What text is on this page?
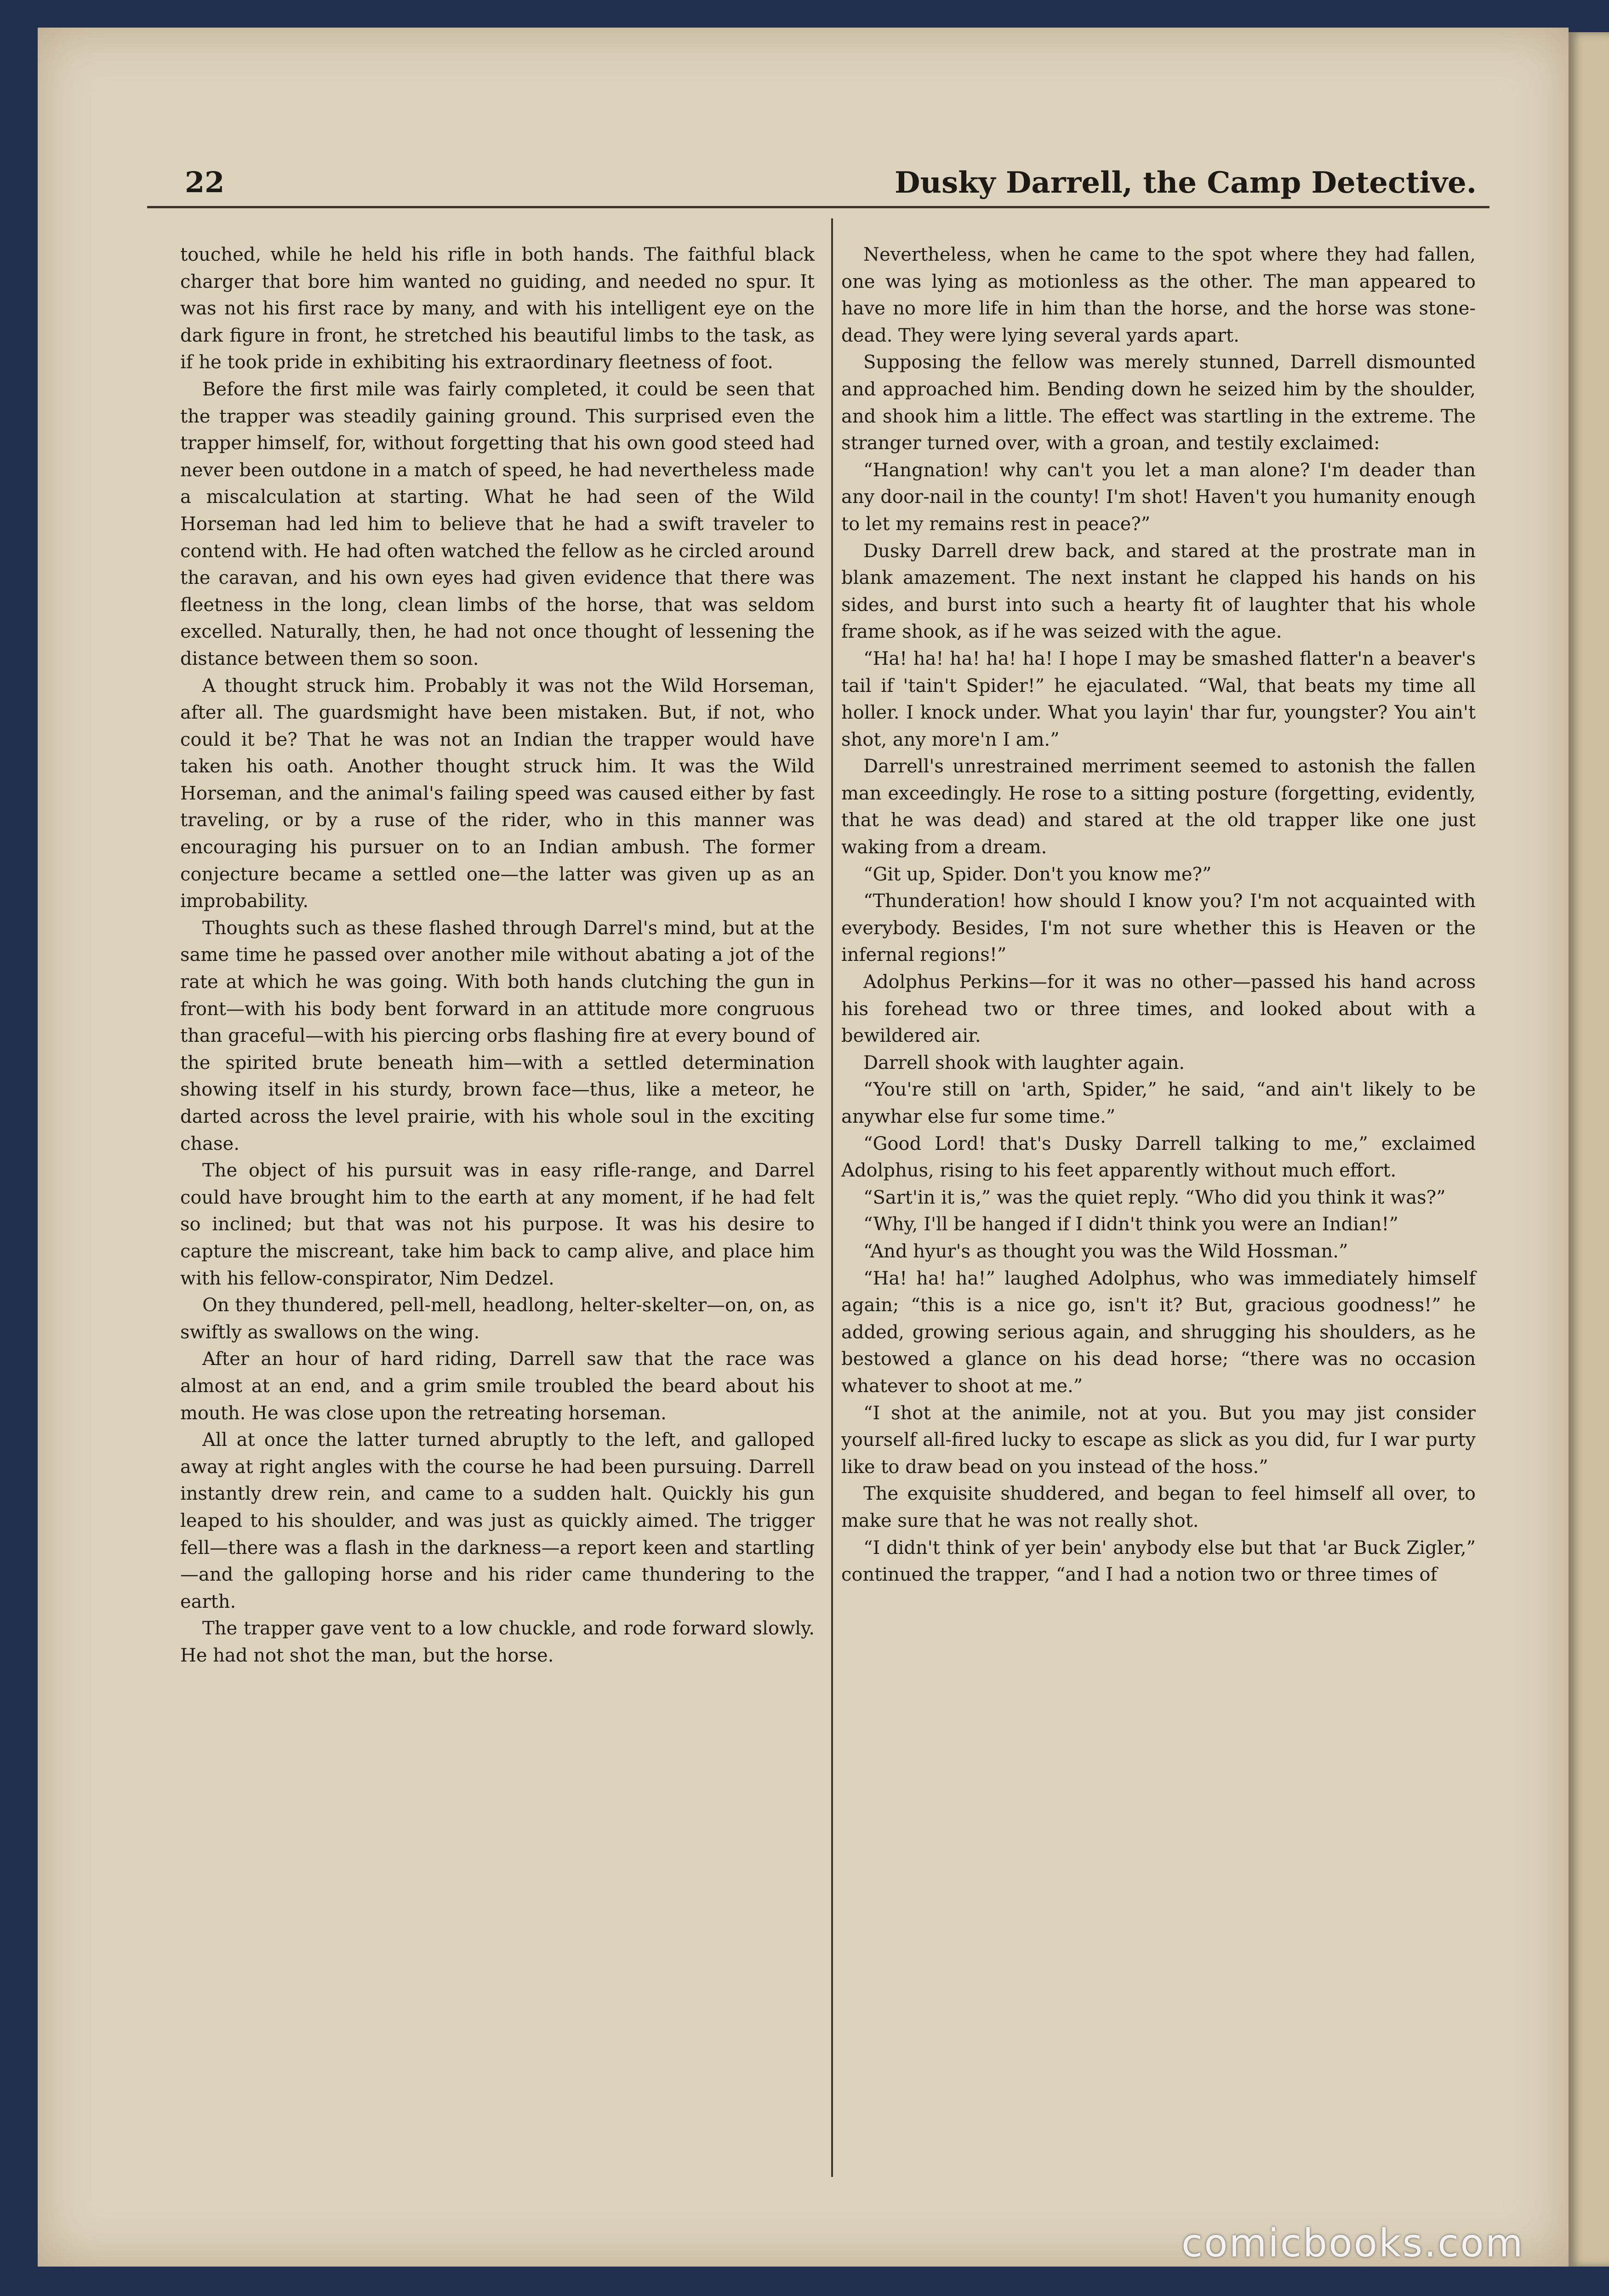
22	Dusky Darrell, the Camp Detective.

touched, while he held his rifle in both hands. The faithful black charger that bore him wanted no guiding, and needed no spur. It was not his first race by many, and with his intelligent eye on the dark figure in front, he stretched his beautiful limbs to the task, as if he took pride in exhibiting his extraordinary fleetness of foot.

Before the first mile was fairly completed, it could be seen that the trapper was steadily gaining ground. This surprised even the trapper himself, for, without forgetting that his own good steed had never been outdone in a match of speed, he had nevertheless made a miscalculation at starting. What he had seen of the Wild Horseman had led him to believe that he had a swift traveler to contend with. He had often watched the fellow as he circled around the caravan, and his own eyes had given evidence that there was fleetness in the long, clean limbs of the horse, that was seldom excelled. Naturally, then, he had not once thought of lessening the distance between them so soon.

A thought struck him. Probably it was not the Wild Horseman, after all. The guardsmight have been mistaken. But, if not, who could it be? That he was not an Indian the trapper would have taken his oath. Another thought struck him. It was the Wild Horseman, and the animal's failing speed was caused either by fast traveling, or by a ruse of the rider, who in this manner was encouraging his pursuer on to an Indian ambush. The former conjecture became a settled one—the latter was given up as an improbability.

Thoughts such as these flashed through Darrel's mind, but at the same time he passed over another mile without abating a jot of the rate at which he was going. With both hands clutching the gun in front—with his body bent forward in an attitude more congruous than graceful—with his piercing orbs flashing fire at every bound of the spirited brute beneath him—with a settled determination showing itself in his sturdy, brown face—thus, like a meteor, he darted across the level prairie, with his whole soul in the exciting chase.

The object of his pursuit was in easy rifle-range, and Darrel could have brought him to the earth at any moment, if he had felt so inclined; but that was not his purpose. It was his desire to capture the miscreant, take him back to camp alive, and place him with his fellow-conspirator, Nim Dedzel.

On they thundered, pell-mell, headlong, helter-skelter—on, on, as swiftly as swallows on the wing.

After an hour of hard riding, Darrell saw that the race was almost at an end, and a grim smile troubled the beard about his mouth. He was close upon the retreating horseman.

All at once the latter turned abruptly to the left, and galloped away at right angles with the course he had been pursuing. Darrell instantly drew rein, and came to a sudden halt. Quickly his gun leaped to his shoulder, and was just as quickly aimed. The trigger fell—there was a flash in the darkness—a report keen and startling—and the galloping horse and his rider came thundering to the earth.

The trapper gave vent to a low chuckle, and rode forward slowly. He had not shot the man, but the horse.

Nevertheless, when he came to the spot where they had fallen, one was lying as motionless as the other. The man appeared to have no more life in him than the horse, and the horse was stone-dead. They were lying several yards apart.

Supposing the fellow was merely stunned, Darrell dismounted and approached him. Bending down he seized him by the shoulder, and shook him a little. The effect was startling in the extreme. The stranger turned over, with a groan, and testily exclaimed:

“Hangnation! why can't you let a man alone? I'm deader than any door-nail in the county! I'm shot! Haven't you humanity enough to let my remains rest in peace?”

Dusky Darrell drew back, and stared at the prostrate man in blank amazement. The next instant he clapped his hands on his sides, and burst into such a hearty fit of laughter that his whole frame shook, as if he was seized with the ague.

“Ha! ha! ha! ha! ha! I hope I may be smashed flatter'n a beaver's tail if 'tain't Spider!” he ejaculated. “Wal, that beats my time all holler. I knock under. What you layin' thar fur, youngster? You ain't shot, any more'n I am.”

Darrell's unrestrained merriment seemed to astonish the fallen man exceedingly. He rose to a sitting posture (forgetting, evidently, that he was dead) and stared at the old trapper like one just waking from a dream.

“Git up, Spider. Don't you know me?”

“Thunderation! how should I know you? I'm not acquainted with everybody. Besides, I'm not sure whether this is Heaven or the infernal regions!”

Adolphus Perkins—for it was no other—passed his hand across his forehead two or three times, and looked about with a bewildered air.

Darrell shook with laughter again.

“You're still on 'arth, Spider,” he said, “and ain't likely to be anywhar else fur some time.”

“Good Lord! that's Dusky Darrell talking to me,” exclaimed Adolphus, rising to his feet apparently without much effort.

“Sart'in it is,” was the quiet reply. “Who did you think it was?”

“Why, I'll be hanged if I didn't think you were an Indian!”

“And hyur's as thought you was the Wild Hossman.”

“Ha! ha! ha!” laughed Adolphus, who was immediately himself again; “this is a nice go, isn't it? But, gracious goodness!” he added, growing serious again, and shrugging his shoulders, as he bestowed a glance on his dead horse; “there was no occasion whatever to shoot at me.”

“I shot at the animile, not at you. But you may jist consider yourself all-fired lucky to escape as slick as you did, fur I war purty like to draw bead on you instead of the hoss.”

The exquisite shuddered, and began to feel himself all over, to make sure that he was not really shot.

“I didn't think of yer bein' anybody else but that 'ar Buck Zigler,” continued the trapper, “and I had a notion two or three times of

comicbooks.com
